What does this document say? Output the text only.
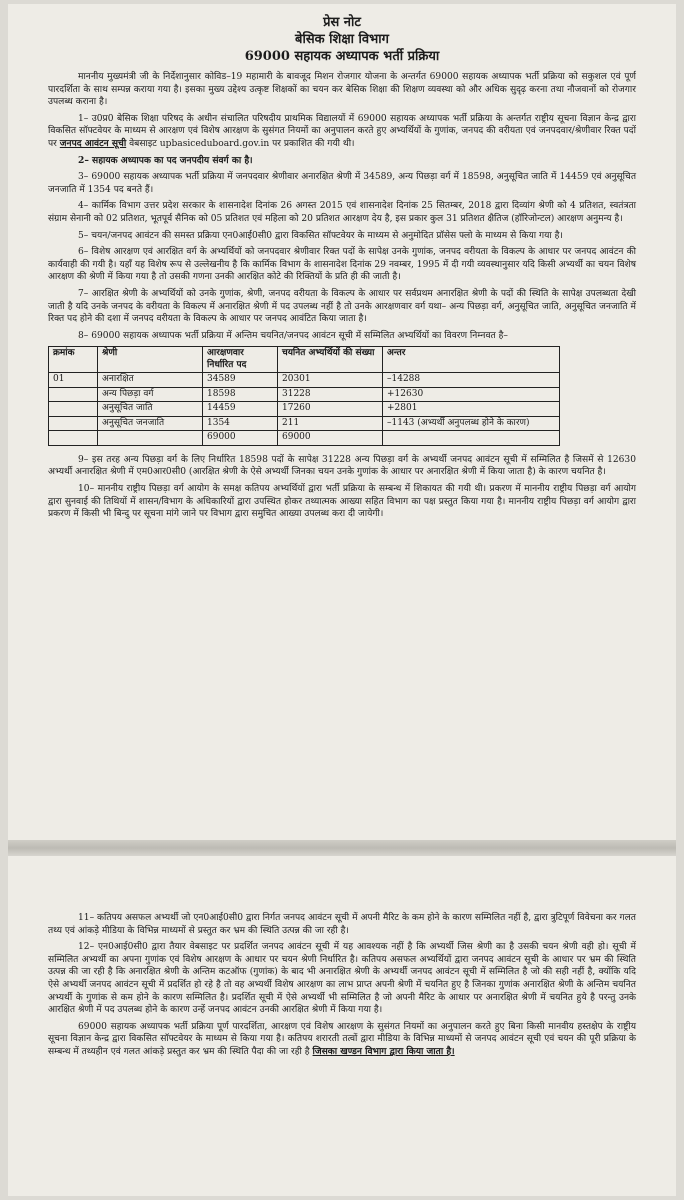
प्रेस नोट
बेसिक शिक्षा विभाग
69000 सहायक अध्यापक भर्ती प्रक्रिया

माननीय मुख्यमंत्री जी के निर्देशानुसार कोविड–19 महामारी के बावजूद मिशन रोजगार योजना के अन्तर्गत 69000 सहायक अध्यापक भर्ती प्रक्रिया को सकुशल एवं पूर्ण पारदर्शिता के साथ सम्पन्न कराया गया है। इसका मुख्य उद्देश्य उत्कृष्ट शिक्षकों का चयन कर बेसिक शिक्षा की शिक्षण व्यवस्था को और अधिक सुदृढ़ करना तथा नौजवानों को रोजगार उपलब्ध कराना है।

1– उ0प्र0 बेसिक शिक्षा परिषद के अधीन संचालित परिषदीय प्राथमिक विद्यालयों में 69000 सहायक अध्यापक भर्ती प्रक्रिया के अन्तर्गत राष्ट्रीय सूचना विज्ञान केन्द्र द्वारा विकसित सॉफ्टवेयर के माध्यम से आरक्षण एवं विशेष आरक्षण के सुसंगत नियमों का अनुपालन करते हुए अभ्यर्थियों के गुणांक, जनपद की वरीयता एवं जनपदवार/श्रेणीवार रिक्त पदों पर जनपद आवंटन सूची वेबसाइट upbasiceduboard.gov.in पर प्रकाशित की गयी थी।

2– सहायक अध्यापक का पद जनपदीय संवर्ग का है।

3– 69000 सहायक अध्यापक भर्ती प्रक्रिया में जनपदवार श्रेणीवार अनारक्षित श्रेणी में 34589, अन्य पिछड़ा वर्ग में 18598, अनुसूचित जाति में 14459 एवं अनुसूचित जनजाति में 1354 पद बनते हैं।

4– कार्मिक विभाग उत्तर प्रदेश सरकार के शासनादेश दिनांक 26 अगस्त 2015 एवं शासनादेश दिनांक 25 सितम्बर, 2018 द्वारा दिव्यांग श्रेणी को 4 प्रतिशत, स्वतंत्रता संग्राम सेनानी को 02 प्रतिशत, भूतपूर्व सैनिक को 05 प्रतिशत एवं महिला को 20 प्रतिशत आरक्षण देय है, इस प्रकार कुल 31 प्रतिशत क्षैतिज (हॉरिजोन्टल) आरक्षण अनुमन्य है।

5– चयन/जनपद आवंटन की समस्त प्रक्रिया एन0आई0सी0 द्वारा विकसित सॉफ्टवेयर के माध्यम से अनुमोदित प्रॉसेस फ्लो के माध्यम से किया गया है।

6– विशेष आरक्षण एवं आरक्षित वर्ग के अभ्यर्थियों को जनपदवार श्रेणीवार रिक्त पदों के सापेक्ष उनके गुणांक, जनपद वरीयता के विकल्प के आधार पर जनपद आवंटन की कार्यवाही की गयी है। यहाँ यह विशेष रूप से उल्लेखनीय है कि कार्मिक विभाग के शासनादेश दिनांक 29 नवम्बर, 1995 में दी गयी व्यवस्थानुसार यदि किसी अभ्यर्थी का चयन विशेष आरक्षण की श्रेणी में किया गया है तो उसकी गणना उनकी आरक्षित कोटे की रिक्तियों के प्रति ही की जाती है।

7– आरक्षित श्रेणी के अभ्यर्थियों को उनके गुणांक, श्रेणी, जनपद वरीयता के विकल्प के आधार पर सर्वप्रथम अनारक्षित श्रेणी के पदों की स्थिति के सापेक्ष उपलब्धता देखी जाती है यदि उनके जनपद के वरीयता के विकल्प में अनारक्षित श्रेणी में पद उपलब्ध नहीं है तो उनके आरक्षणवार वर्ग यथा– अन्य पिछड़ा वर्ग, अनुसूचित जाति, अनुसूचित जनजाति में रिक्त पद होने की दशा में जनपद वरीयता के विकल्प के आधार पर जनपद आवंटित किया जाता है।

8– 69000 सहायक अध्यापक भर्ती प्रक्रिया में अन्तिम चयनित/जनपद आवंटन सूची में सम्मिलित अभ्यर्थियों का विवरण निम्नवत है–

क्रमांक	श्रेणी	आरक्षणवार निर्धारित पद	चयनित अभ्यर्थियों की संख्या	अन्तर
01	अनारक्षित	34589	20301	–14288
	अन्य पिछड़ा वर्ग	18598	31228	+12630
	अनुसूचित जाति	14459	17260	+2801
	अनुसूचित जनजाति	1354	211	–1143 (अभ्यर्थी अनुपलब्ध होने के कारण)
		69000	69000	

9– इस तरह अन्य पिछड़ा वर्ग के लिए निर्धारित 18598 पदों के सापेक्ष 31228 अन्य पिछड़ा वर्ग के अभ्यर्थी जनपद आवंटन सूची में सम्मिलित है जिसमें से 12630 अभ्यर्थी अनारक्षित श्रेणी में एम0आर0सी0 (आरक्षित श्रेणी के ऐसे अभ्यर्थी जिनका चयन उनके गुणांक के आधार पर अनारक्षित श्रेणी में किया जाता है) के कारण चयनित है।

10– माननीय राष्ट्रीय पिछड़ा वर्ग आयोग के समक्ष कतिपय अभ्यर्थियों द्वारा भर्ती प्रक्रिया के सम्बन्ध में शिकायत की गयी थी। प्रकरण में माननीय राष्ट्रीय पिछड़ा वर्ग आयोग द्वारा सुनवाई की तिथियों में शासन/विभाग के अधिकारियों द्वारा उपस्थित होकर तथ्यात्मक आख्या सहित विभाग का पक्ष प्रस्तुत किया गया है। माननीय राष्ट्रीय पिछड़ा वर्ग आयोग द्वारा प्रकरण में किसी भी बिन्दु पर सूचना मांगे जाने पर विभाग द्वारा समुचित आख्या उपलब्ध करा दी जायेगी।

11– कतिपय असफल अभ्यर्थी जो एन0आई0सी0 द्वारा निर्गत जनपद आवंटन सूची में अपनी मैरिट के कम होने के कारण सम्मिलित नहीं है, द्वारा त्रुटिपूर्ण विवेचना कर गलत तथ्य एवं आंकड़े मीडिया के विभिन्न माध्यमों से प्रस्तुत कर भ्रम की स्थिति उत्पन्न की जा रही है।

12– एन0आई0सी0 द्वारा तैयार वेबसाइट पर प्रदर्शित जनपद आवंटन सूची में यह आवश्यक नहीं है कि अभ्यर्थी जिस श्रेणी का है उसकी चयन श्रेणी वही हो। सूची में सम्मिलित अभ्यर्थी का अपना गुणांक एवं विशेष आरक्षण के आधार पर चयन श्रेणी निर्धारित है। कतिपय असफल अभ्यर्थियों द्वारा जनपद आवंटन सूची के आधार पर भ्रम की स्थिति उत्पन्न की जा रही है कि अनारक्षित श्रेणी के अन्तिम कटऑफ (गुणांक) के बाद भी अनारक्षित श्रेणी के अभ्यर्थी जनपद आवंटन सूची में सम्मिलित है जो की सही नहीं है, क्योंकि यदि ऐसे अभ्यर्थी जनपद आवंटन सूची में प्रदर्शित हो रहे है तो वह अभ्यर्थी विशेष आरक्षण का लाभ प्राप्त अपनी श्रेणी में चयनित हुए है जिनका गुणांक अनारक्षित श्रेणी के अन्तिम चयनित अभ्यर्थी के गुणांक से कम होने के कारण सम्मिलित है। प्रदर्शित सूची में ऐसे अभ्यर्थी भी सम्मिलित है जो अपनी मैरिट के आधार पर अनारक्षित श्रेणी में चयनित हुये है परन्तु उनके आरक्षित श्रेणी में पद उपलब्ध होने के कारण उन्हें जनपद आवंटन उनकी आरक्षित श्रेणी में किया गया है।

69000 सहायक अध्यापक भर्ती प्रक्रिया पूर्ण पारदर्शिता, आरक्षण एवं विशेष आरक्षण के सुसंगत नियमों का अनुपालन करते हुए बिना किसी मानवीय हस्तक्षेप के राष्ट्रीय सूचना विज्ञान केन्द्र द्वारा विकसित सॉफ्टवेयर के माध्यम से किया गया है। कतिपय शरारती तत्वों द्वारा मीडिया के विभिन्न माध्यमों से जनपद आवंटन सूची एवं चयन की पूरी प्रक्रिया के सम्बन्ध में तथ्यहीन एवं गलत आंकड़े प्रस्तुत कर भ्रम की स्थिति पैदा की जा रही है जिसका खण्डन विभाग द्वारा किया जाता है।
